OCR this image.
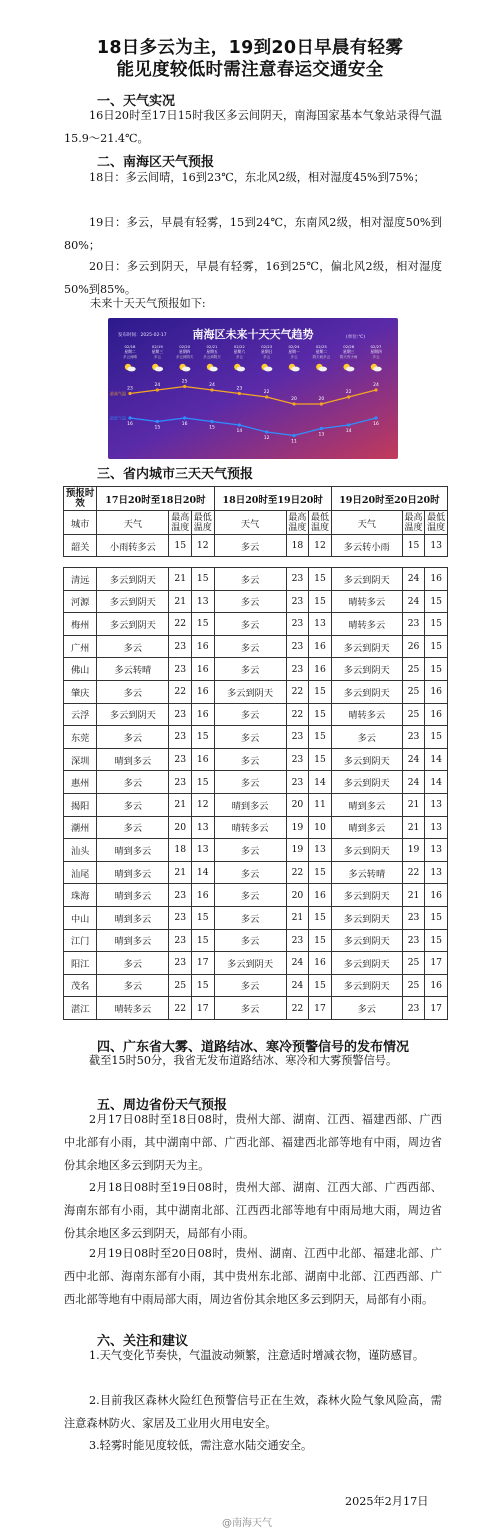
18日多云为主，19到20日早晨有轻雾
能见度较低时需注意春运交通安全
一、天气实况

16日20时至17日15时我区多云间阴天，南海国家基本气象站录得气温15.9～21.4℃。

二、南海区天气预报

18日：多云间晴，16到23℃，东北风2级，相对湿度45%到75%；

19日：多云，早晨有轻雾，15到24℃，东南风2级，相对湿度50%到80%；

20日：多云到阴天，早晨有轻雾，16到25℃，偏北风2级，相对湿度50%到85%。

未来十天天气预报如下:
南海区未来十天天气趋势
发布时间：2025-02-17	(单位:℃)
02/18
星期二
多云间晴
02/19
星期三
多云
02/20
星期四
多云到阴天
02/21
星期五
多云到阴天
02/22
星期六
多云
02/23
星期日
多云
02/24
星期一
多云
02/25
星期二
阴天间多云
02/26
星期三
阴天有小雨
02/27
星期四
多云
23
24
25
24
23
22
20	20
22
24
最高气温
16
15
16
15
14
12
11
13
14
16
最低气温
三、省内城市三天天气预报
预报时效	17日20时至18日20时			18日20时至19日20时			19日20时至20日20时		
城市	天气	最高温度	最低温度	天气	最高温度	最低温度	天气	最高温度	最低温度
韶关	小雨转多云	15	12	多云	18	12	多云转小雨	15	13

清远	多云到阴天	21	15	多云	23	15	多云到阴天	24	16
河源	多云到阴天	21	13	多云	23	15	晴转多云	24	15
梅州	多云到阴天	22	15	多云	23	13	晴转多云	23	15
广州	多云	23	16	多云	23	16	多云到阴天	26	15
佛山	多云转晴	23	16	多云	23	16	多云到阴天	25	15
肇庆	多云	22	16	多云到阴天	22	15	多云到阴天	25	16
云浮	多云到阴天	23	16	多云	22	15	晴转多云	25	16
东莞	多云	23	15	多云	23	15	多云	23	15
深圳	晴到多云	23	16	多云	23	15	多云到阴天	24	14
惠州	多云	23	15	多云	23	14	多云到阴天	24	14
揭阳	多云	21	12	晴到多云	20	11	晴到多云	21	13
潮州	多云	20	13	晴转多云	19	10	晴到多云	21	13
汕头	晴到多云	18	13	多云	19	13	多云到阴天	19	13
汕尾	晴到多云	21	14	多云	22	15	多云转晴	22	13
珠海	晴到多云	23	16	多云	20	16	多云到阴天	21	16
中山	晴到多云	23	15	多云	21	15	多云到阴天	23	15
江门	晴到多云	23	15	多云	23	15	多云到阴天	23	15
阳江	多云	23	17	多云到阴天	24	16	多云到阴天	25	17
茂名	多云	25	15	多云	24	15	多云到阴天	25	16
湛江	晴转多云	22	17	多云	22	17	多云	23	17
四、广东省大雾、道路结冰、寒冷预警信号的发布情况

截至15时50分，我省无发布道路结冰、寒冷和大雾预警信号。

五、周边省份天气预报

2月17日08时至18日08时，贵州大部、湖南、江西、福建西部、广西中北部有小雨，其中湖南中部、广西北部、福建西北部等地有中雨，周边省份其余地区多云到阴天为主。

2月18日08时至19日08时，贵州大部、湖南、江西大部、广西西部、海南东部有小雨，其中湖南北部、江西西北部等地有中雨局地大雨，周边省份其余地区多云到阴天，局部有小雨。

2月19日08时至20日08时，贵州、湖南、江西中北部、福建北部、广西中北部、海南东部有小雨，其中贵州东北部、湖南中北部、江西西部、广西北部等地有中雨局部大雨，周边省份其余地区多云到阴天，局部有小雨。

六、关注和建议

1.天气变化节奏快，气温波动频繁，注意适时增减衣物，谨防感冒。

2.目前我区森林火险红色预警信号正在生效，森林火险气象风险高，需注意森林防火、家居及工业用火用电安全。

3.轻雾时能见度较低，需注意水陆交通安全。

2025年2月17日
@南海天气
